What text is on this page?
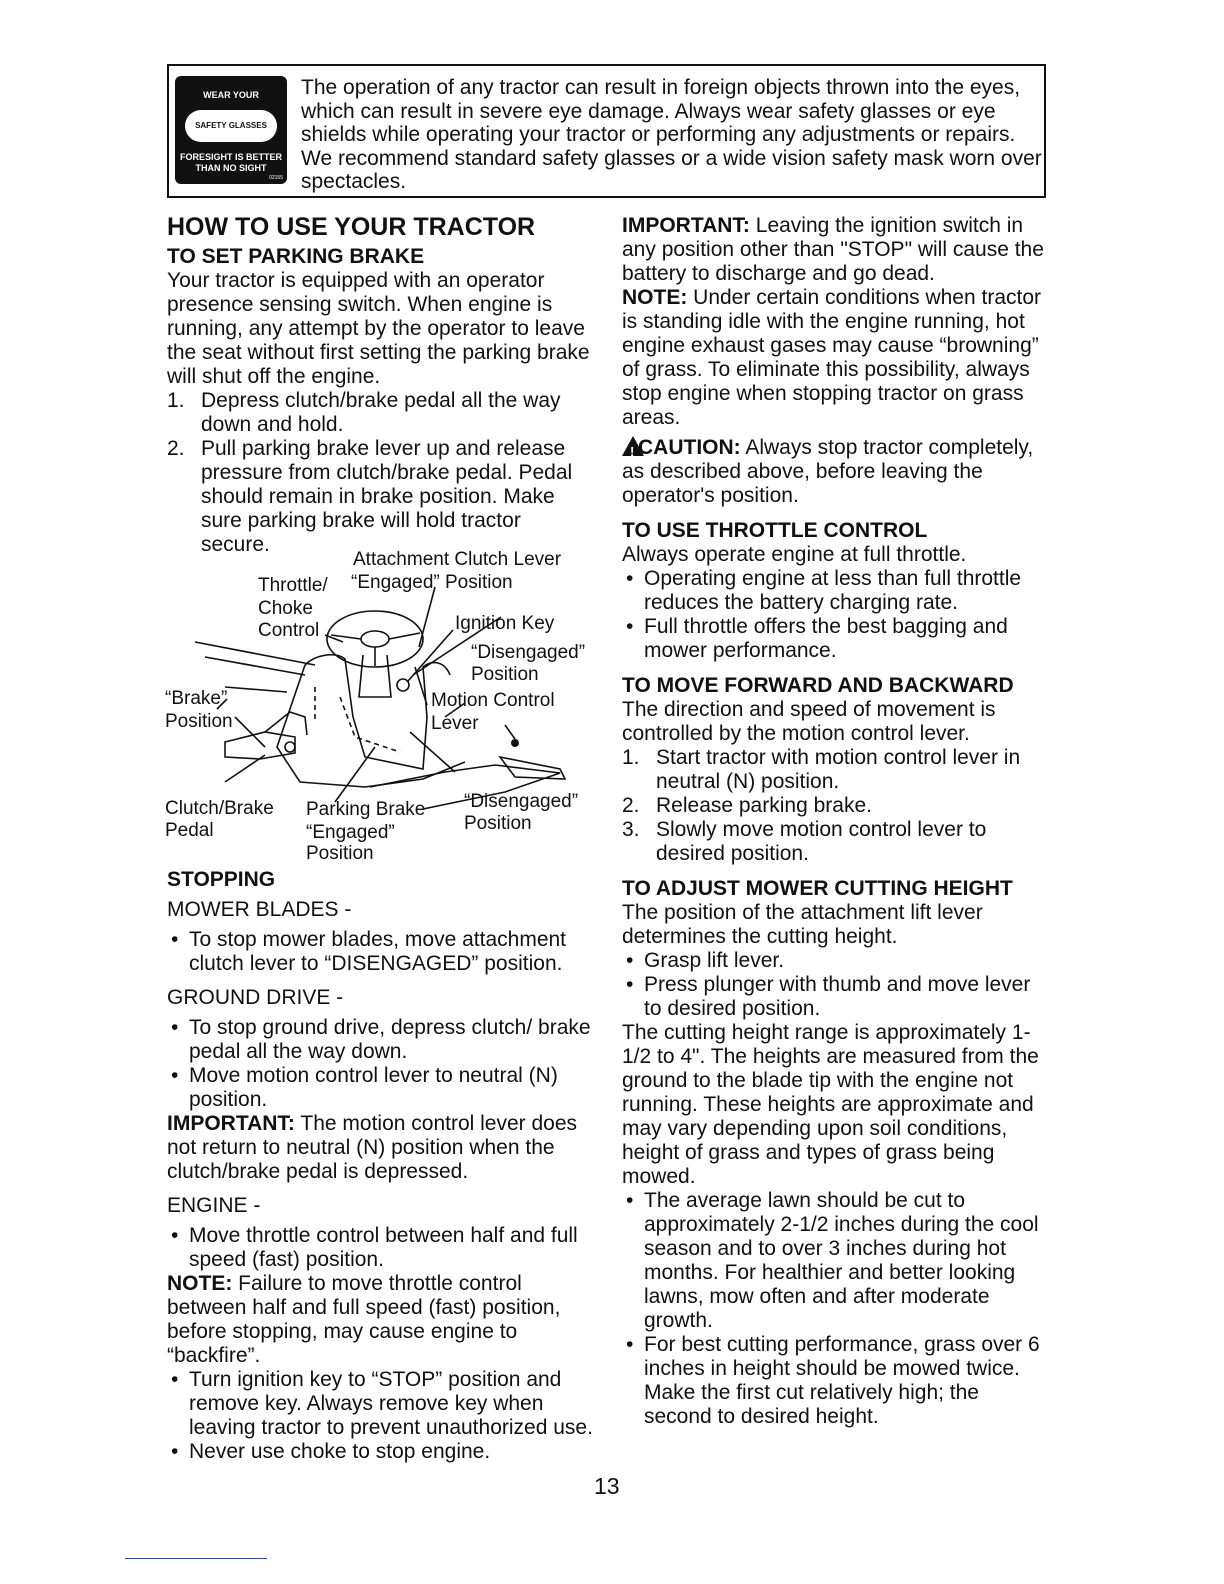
WEAR YOUR
SAFETY GLASSES
FORESIGHT IS BETTER THAN NO SIGHT
02155
The operation of any tractor can result in foreign objects thrown into the eyes, which can result in severe eye damage. Always wear safety glasses or eye shields while operating your tractor or performing any adjustments or repairs. We recommend standard safety glasses or a wide vision safety mask worn over spectacles.
HOW TO USE YOUR TRACTOR
TO SET PARKING BRAKE

Your tractor is equipped with an operator presence sensing switch. When engine is running, any attempt by the operator to leave the seat without first setting the parking brake will shut off the engine.

1. Depress clutch/brake pedal all the way down and hold.
2. Pull parking brake lever up and release pressure from clutch/brake pedal. Pedal should remain in brake position. Make sure parking brake will hold tractor secure.
Attachment Clutch Lever
“Engaged” Position
Throttle/
Choke
Control	Ignition Key
“Disengaged”
Position
“Brake”
Position
Motion Control
Lever
Clutch/Brake
Pedal
Parking Brake
“Engaged”
Position
“Disengaged”
Position
STOPPING

MOWER BLADES -

• To stop mower blades, move attachment clutch lever to “DISENGAGED” position.

GROUND DRIVE -

• To stop ground drive, depress clutch/ brake pedal all the way down.
• Move motion control lever to neutral (N) position.

IMPORTANT: The motion control lever does not return to neutral (N) position when the clutch/brake pedal is depressed.

ENGINE -

• Move throttle control between half and full speed (fast) position.

NOTE: Failure to move throttle control between half and full speed (fast) position, before stopping, may cause engine to “backfire”.

• Turn ignition key to “STOP” position and remove key. Always remove key when leaving tractor to prevent unauthorized use.
• Never use choke to stop engine.

IMPORTANT: Leaving the ignition switch in any position other than "STOP" will cause the battery to discharge and go dead.

NOTE: Under certain conditions when tractor is standing idle with the engine running, hot engine exhaust gases may cause “browning” of grass. To eliminate this possibility, always stop engine when stopping tractor on grass areas.

! CAUTION: Always stop tractor completely, as described above, before leaving the operator's position.

TO USE THROTTLE CONTROL

Always operate engine at full throttle.

• Operating engine at less than full throttle reduces the battery charging rate.
• Full throttle offers the best bagging and mower performance.
TO MOVE FORWARD AND BACKWARD

The direction and speed of movement is controlled by the motion control lever.

1. Start tractor with motion control lever in neutral (N) position.
2. Release parking brake.
3. Slowly move motion control lever to desired position.
TO ADJUST MOWER CUTTING HEIGHT

The position of the attachment lift lever determines the cutting height.

• Grasp lift lever.
• Press plunger with thumb and move lever to desired position.

The cutting height range is approximately 1-1/2 to 4". The heights are measured from the ground to the blade tip with the engine not running. These heights are approximate and may vary depending upon soil conditions, height of grass and types of grass being mowed.

• The average lawn should be cut to approximately 2-1/2 inches during the cool season and to over 3 inches during hot months. For healthier and better looking lawns, mow often and after moderate growth.
• For best cutting performance, grass over 6 inches in height should be mowed twice. Make the first cut relatively high; the second to desired height.
13
